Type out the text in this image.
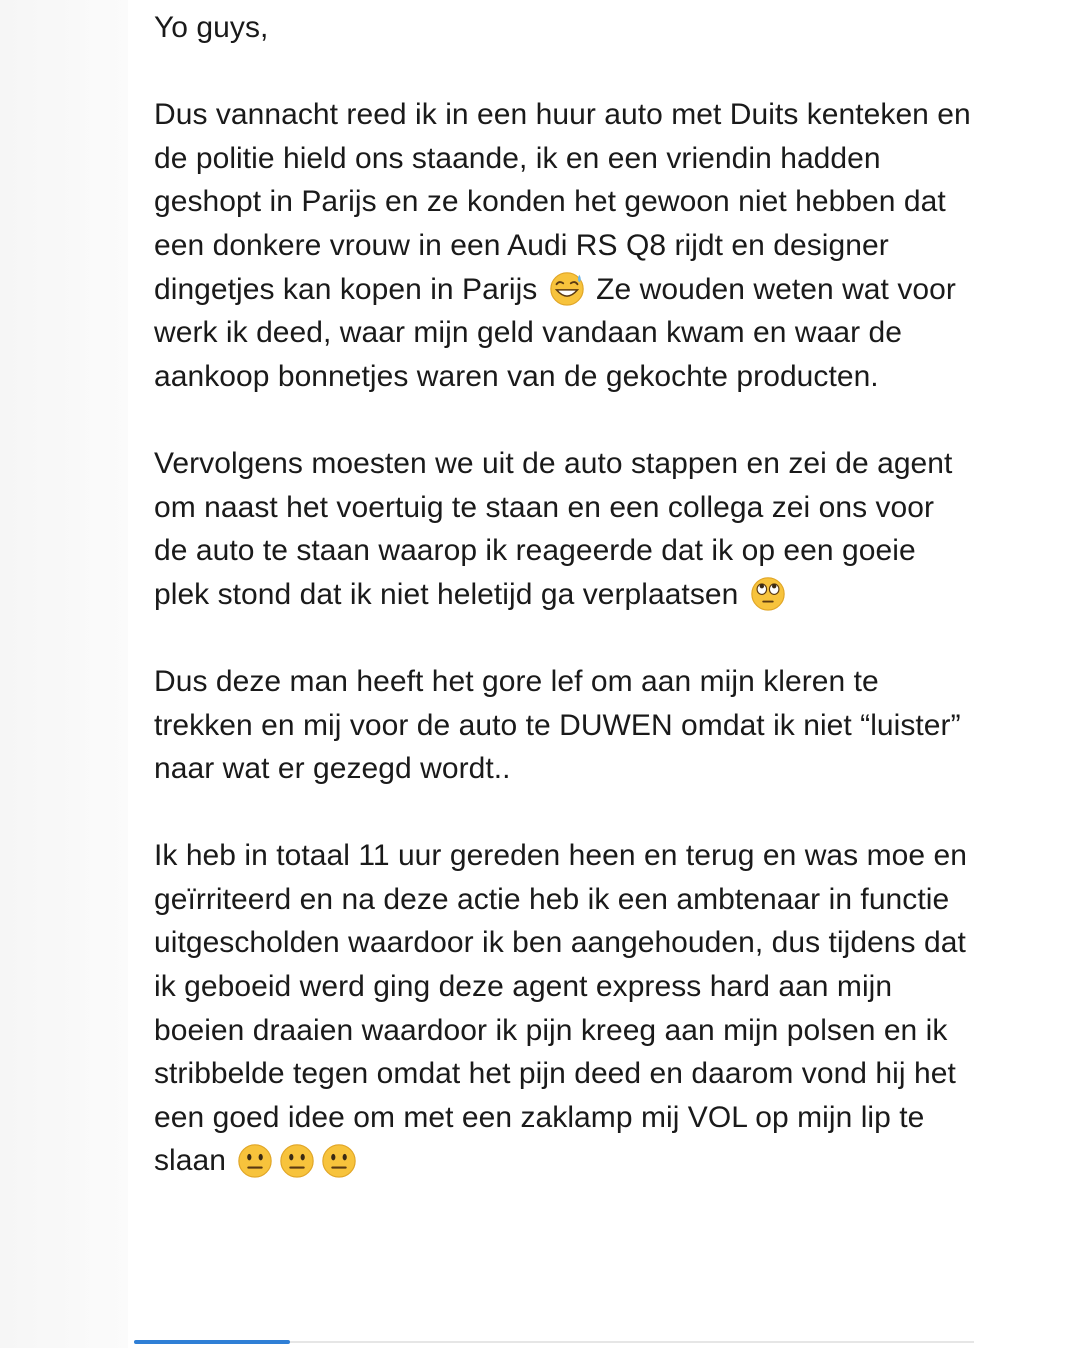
Yo guys,

Dus vannacht reed ik in een huur auto met Duits kenteken en de politie hield ons staande, ik en een vriendin hadden geshopt in Parijs en ze konden het gewoon niet hebben dat een donkere vrouw in een Audi RS Q8 rijdt en designer dingetjes kan kopen in Parijs Ze wouden weten wat voor werk ik deed, waar mijn geld vandaan kwam en waar de aankoop bonnetjes waren van de gekochte producten.

Vervolgens moesten we uit de auto stappen en zei de agent om naast het voertuig te staan en een collega zei ons voor de auto te staan waarop ik reageerde dat ik op een goeie plek stond dat ik niet heletijd ga verplaatsen

Dus deze man heeft het gore lef om aan mijn kleren te trekken en mij voor de auto te DUWEN omdat ik niet “luister” naar wat er gezegd wordt..

Ik heb in totaal 11 uur gereden heen en terug en was moe en geïrriteerd en na deze actie heb ik een ambtenaar in functie uitgescholden waardoor ik ben aangehouden, dus tijdens dat ik geboeid werd ging deze agent express hard aan mijn boeien draaien waardoor ik pijn kreeg aan mijn polsen en ik stribbelde tegen omdat het pijn deed en daarom vond hij het een goed idee om met een zaklamp mij VOL op mijn lip te slaan
